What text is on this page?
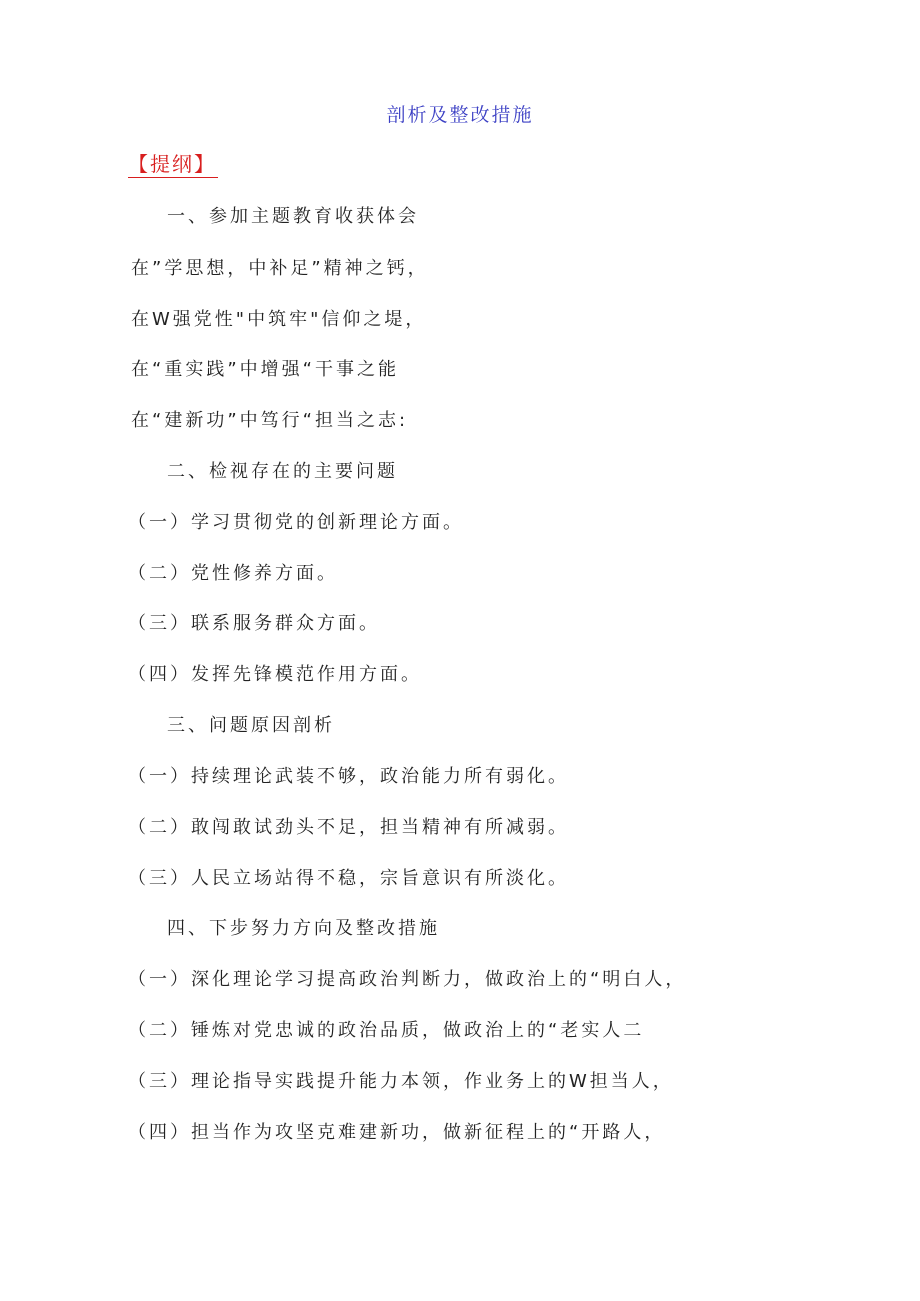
剖析及整改措施
【提纲】
一、参加主题教育收获体会
在”学思想，中补足”精神之钙，
在W强党性"中筑牢"信仰之堤，
在“重实践”中增强“干事之能
在“建新功”中笃行“担当之志:
二、检视存在的主要问题
（一）学习贯彻党的创新理论方面。
（二）党性修养方面。
（三）联系服务群众方面。
（四）发挥先锋模范作用方面。
三、问题原因剖析
（一）持续理论武装不够，政治能力所有弱化。
（二）敢闯敢试劲头不足，担当精神有所减弱。
（三）人民立场站得不稳，宗旨意识有所淡化。
四、下步努力方向及整改措施
（一）深化理论学习提高政治判断力，做政治上的“明白人，
（二）锤炼对党忠诚的政治品质，做政治上的“老实人二
（三）理论指导实践提升能力本领，作业务上的W担当人，
（四）担当作为攻坚克难建新功，做新征程上的“开路人，
